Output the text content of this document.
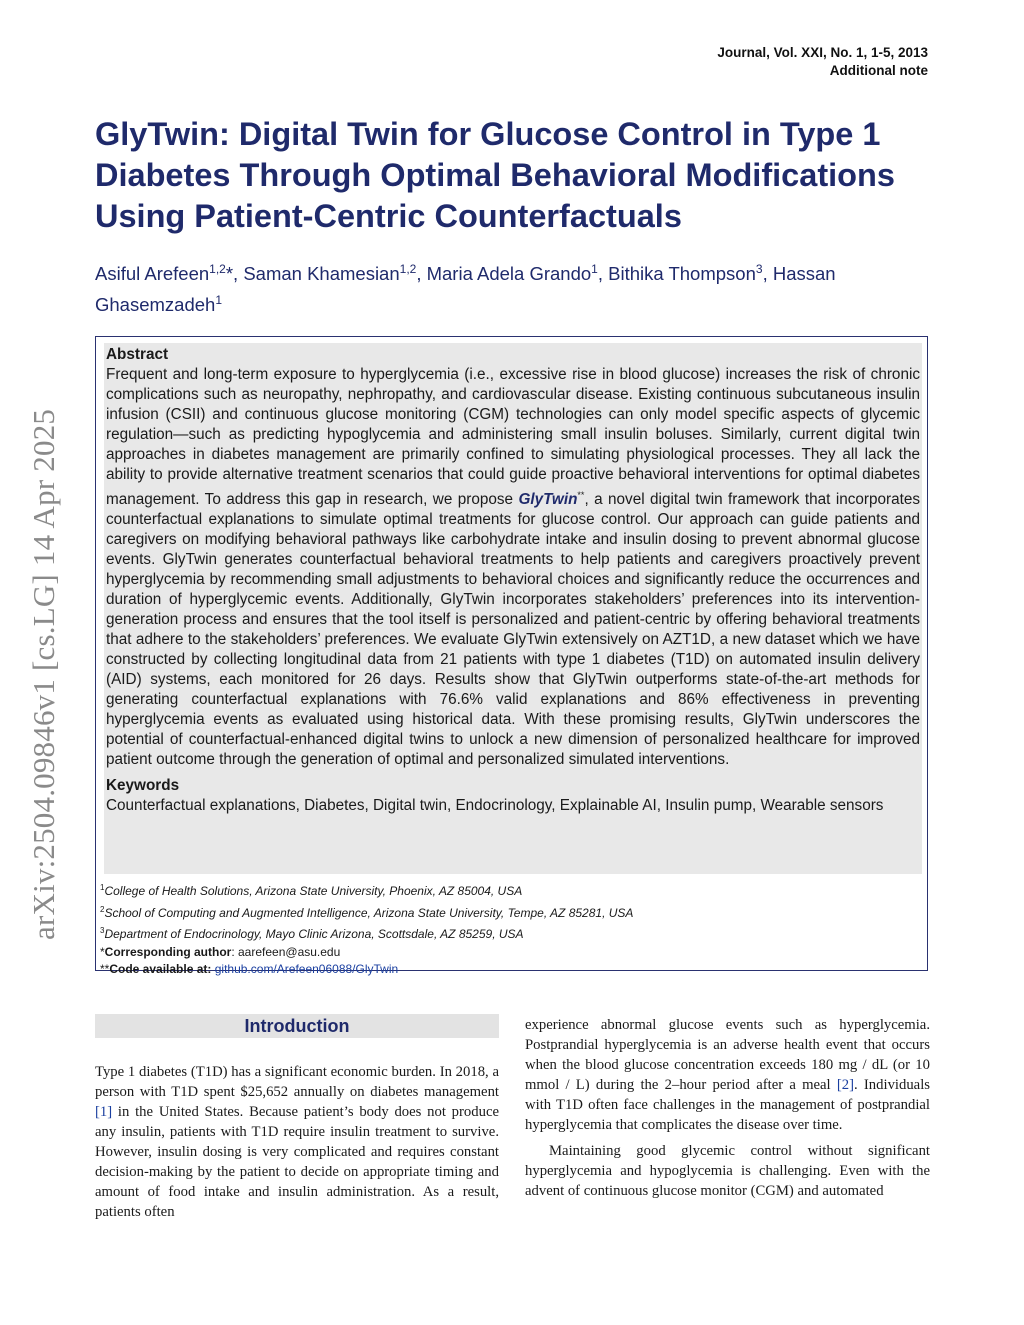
Journal, Vol. XXI, No. 1, 1-5, 2013
Additional note
arXiv:2504.09846v1 [cs.LG] 14 Apr 2025
GlyTwin: Digital Twin for Glucose Control in Type 1 Diabetes Through Optimal Behavioral Modifications Using Patient-Centric Counterfactuals
Asiful Arefeen$^{1,2}$*, Saman Khamesian$^{1,2}$, Maria Adela Grando$^1$, Bithika Thompson$^3$, Hassan Ghasemzadeh$^1$
Abstract

Frequent and long-term exposure to hyperglycemia (i.e., excessive rise in blood glucose) increases the risk of chronic complications such as neuropathy, nephropathy, and cardiovascular disease. Existing continuous subcutaneous insulin infusion (CSII) and continuous glucose monitoring (CGM) technologies can only model specific aspects of glycemic regulation—such as predicting hypoglycemia and administering small insulin boluses. Similarly, current digital twin approaches in diabetes management are primarily confined to simulating physiological processes. They all lack the ability to provide alternative treatment scenarios that could guide proactive behavioral interventions for optimal diabetes management. To address this gap in research, we propose GlyTwin**, a novel digital twin framework that incorporates counterfactual explanations to simulate optimal treatments for glucose control. Our approach can guide patients and caregivers on modifying behavioral pathways like carbohydrate intake and insulin dosing to prevent abnormal glucose events. GlyTwin generates counterfactual behavioral treatments to help patients and caregivers proactively prevent hyperglycemia by recommending small adjustments to behavioral choices and significantly reduce the occurrences and duration of hyperglycemic events. Additionally, GlyTwin incorporates stakeholders’ preferences into its intervention-generation process and ensures that the tool itself is personalized and patient-centric by offering behavioral treatments that adhere to the stakeholders’ preferences. We evaluate GlyTwin extensively on AZT1D, a new dataset which we have constructed by collecting longitudinal data from 21 patients with type 1 diabetes (T1D) on automated insulin delivery (AID) systems, each monitored for 26 days. Results show that GlyTwin outperforms state-of-the-art methods for generating counterfactual explanations with 76.6% valid explanations and 86% effectiveness in preventing hyperglycemia events as evaluated using historical data. With these promising results, GlyTwin underscores the potential of counterfactual-enhanced digital twins to unlock a new dimension of personalized healthcare for improved patient outcome through the generation of optimal and personalized simulated interventions.

Keywords

Counterfactual explanations, Diabetes, Digital twin, Endocrinology, Explainable AI, Insulin pump, Wearable sensors

$^1$College of Health Solutions, Arizona State University, Phoenix, AZ 85004, USA
$^2$School of Computing and Augmented Intelligence, Arizona State University, Tempe, AZ 85281, USA
$^3$Department of Endocrinology, Mayo Clinic Arizona, Scottsdale, AZ 85259, USA
*Corresponding author: aarefeen@asu.edu
**Code available at: github.com/Arefeen06088/GlyTwin
Introduction

Type 1 diabetes (T1D) has a significant economic burden. In 2018, a person with T1D spent $25,652 annually on diabetes management [1] in the United States. Because patient’s body does not produce any insulin, patients with T1D require insulin treatment to survive. However, insulin dosing is very complicated and requires constant decision-making by the patient to decide on appropriate timing and amount of food intake and insulin administration. As a result, patients often

experience abnormal glucose events such as hyperglycemia. Postprandial hyperglycemia is an adverse health event that occurs when the blood glucose concentration exceeds 180 mg / dL (or 10 mmol / L) during the 2–hour period after a meal [2]. Individuals with T1D often face challenges in the management of postprandial hyperglycemia that complicates the disease over time.

Maintaining good glycemic control without significant hyperglycemia and hypoglycemia is challenging. Even with the advent of continuous glucose monitor (CGM) and automated
